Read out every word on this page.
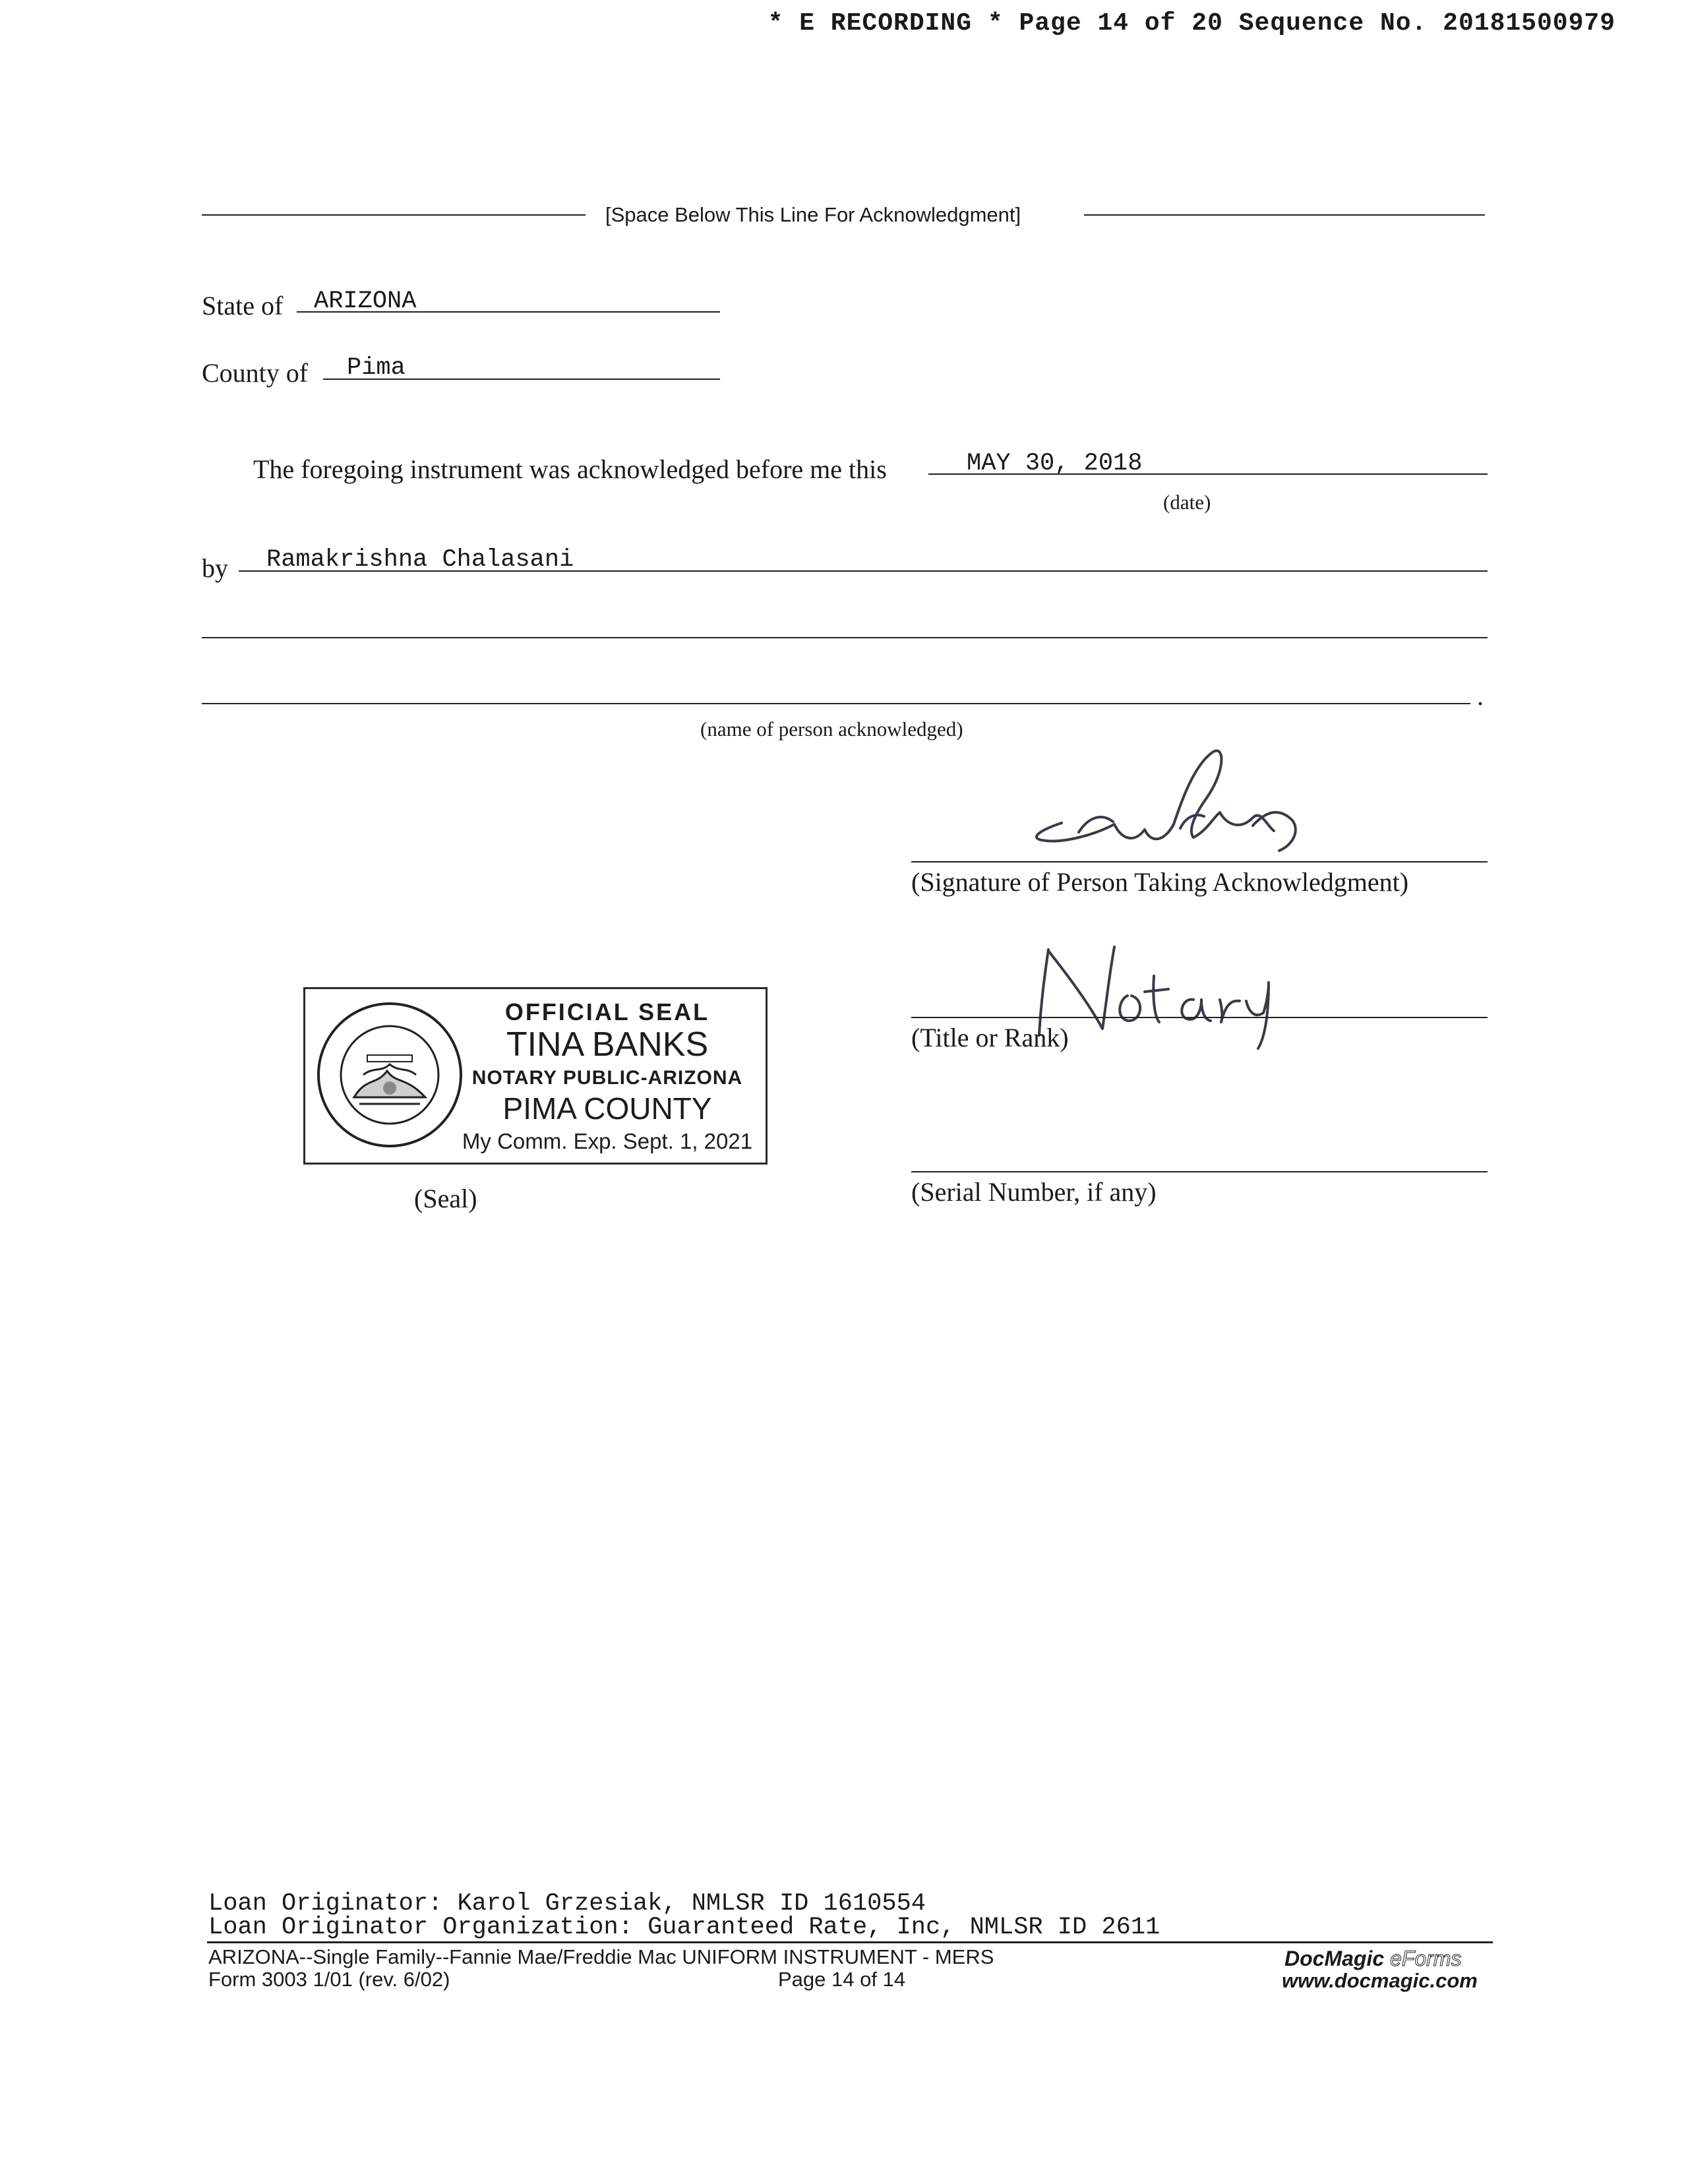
* E RECORDING * Page 14 of 20 Sequence No. 20181500979
[Space Below This Line For Acknowledgment]
State of ARIZONA
County of Pima
The foregoing instrument was acknowledged before me this	MAY 30, 2018
(date)
by Ramakrishna Chalasani
.
(name of person acknowledged)
(Signature of Person Taking Acknowledgment)
(Title or Rank)
(Serial Number, if any)
OFFICIAL SEAL
TINA BANKS
NOTARY PUBLIC-ARIZONA
PIMA COUNTY
My Comm. Exp. Sept. 1, 2021
(Seal)
Loan Originator: Karol Grzesiak, NMLSR ID 1610554
Loan Originator Organization: Guaranteed Rate, Inc, NMLSR ID 2611
ARIZONA--Single Family--Fannie Mae/Freddie Mac UNIFORM INSTRUMENT - MERS
Form 3003 1/01 (rev. 6/02)	Page 14 of 14
DocMagic eForms
www.docmagic.com
